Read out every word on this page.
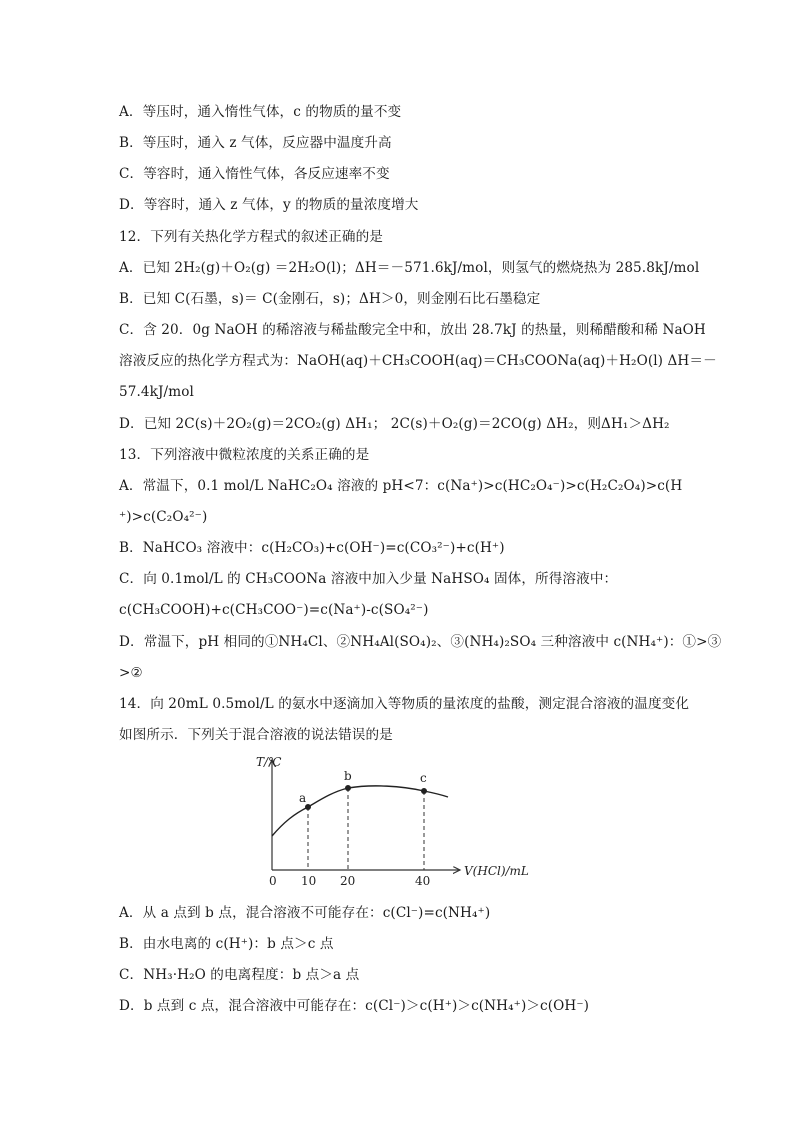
A．等压时，通入惰性气体，c 的物质的量不变
B．等压时，通入 z 气体，反应器中温度升高
C．等容时，通入惰性气体，各反应速率不变
D．等容时，通入 z 气体，y 的物质的量浓度增大
12．下列有关热化学方程式的叙述正确的是
A．已知 2H₂(g)＋O₂(g) ＝2H₂O(l)；ΔH＝－571.6kJ/mol，则氢气的燃烧热为 285.8kJ/mol
B．已知 C(石墨，s)＝ C(金刚石，s)；ΔH＞0，则金刚石比石墨稳定
C．含 20．0g NaOH 的稀溶液与稀盐酸完全中和，放出 28.7kJ 的热量，则稀醋酸和稀 NaOH
溶液反应的热化学方程式为：NaOH(aq)＋CH₃COOH(aq)＝CH₃COONa(aq)＋H₂O(l) ΔH＝－
57.4kJ/mol
D．已知 2C(s)＋2O₂(g)＝2CO₂(g) ΔH₁； 2C(s)＋O₂(g)＝2CO(g) ΔH₂，则ΔH₁＞ΔH₂
13．下列溶液中微粒浓度的关系正确的是
A．常温下，0.1 mol/L NaHC₂O₄ 溶液的 pH<7：c(Na⁺)>c(HC₂O₄⁻)>c(H₂C₂O₄)>c(H
⁺)>c(C₂O₄²⁻)
B．NaHCO₃ 溶液中：c(H₂CO₃)+c(OH⁻)=c(CO₃²⁻)+c(H⁺)
C．向 0.1mol/L 的 CH₃COONa 溶液中加入少量 NaHSO₄ 固体，所得溶液中：
c(CH₃COOH)+c(CH₃COO⁻)=c(Na⁺)-c(SO₄²⁻)
D．常温下，pH 相同的①NH₄Cl、②NH₄Al(SO₄)₂、③(NH₄)₂SO₄ 三种溶液中 c(NH₄⁺)：①>③
>②
14．向 20mL 0.5mol/L 的氨水中逐滴加入等物质的量浓度的盐酸，测定混合溶液的温度变化
如图所示．下列关于混合溶液的说法错误的是
T/℃
V(HCl)/mL
0 10 20	40
a
b	c
A．从 a 点到 b 点，混合溶液不可能存在：c(Cl⁻)=c(NH₄⁺)
B．由水电离的 c(H⁺)：b 点＞c 点
C．NH₃·H₂O 的电离程度：b 点＞a 点
D．b 点到 c 点，混合溶液中可能存在：c(Cl⁻)＞c(H⁺)＞c(NH₄⁺)＞c(OH⁻)
